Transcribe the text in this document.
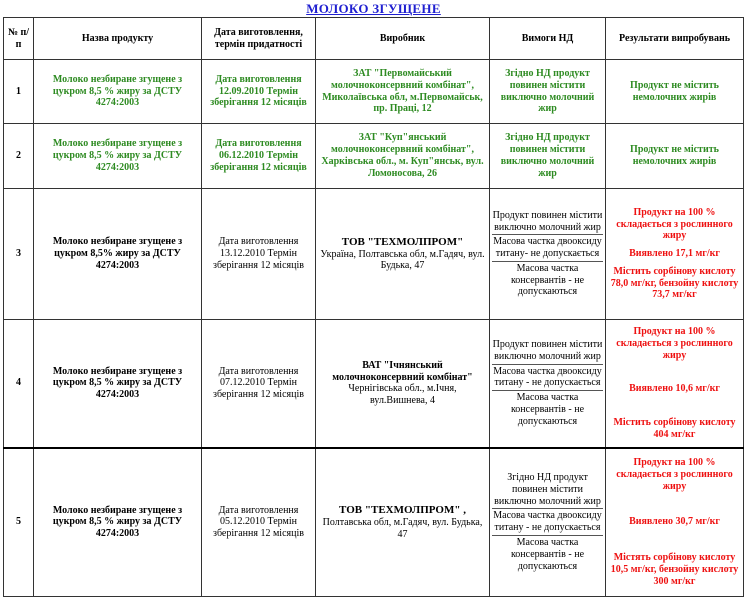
МОЛОКО ЗГУЩЕНЕ
№ п/п	Назва продукту	Дата виготовлення, термін придатності	Виробник	Вимоги НД	Результати випробувань
1	Молоко незбиране згущене з цукром 8,5 % жиру за ДСТУ 4274:2003	Дата виготовлення 12.09.2010 Термін зберігання 12 місяців	ЗАТ "Первомайський молочноконсервний комбінат", Миколаївська обл, м.Первомайськ, пр. Праці, 12	Згідно НД продукт повинен містити виключно молочний жир	Продукт не містить немолочних жирів
2	Молоко незбиране згущене з цукром 8,5 % жиру за ДСТУ 4274:2003	Дата виготовлення 06.12.2010 Термін зберігання 12 місяців	ЗАТ "Куп"янський молочноконсервний комбінат", Харківська обл., м. Куп"янськ, вул. Ломоносова, 26	Згідно НД продукт повинен містити виключно молочний жир	Продукт не містить немолочних жирів
3	Молоко незбиране згущене з цукром 8,5% жиру за ДСТУ 4274:2003	Дата виготовлення 13.12.2010 Термін зберігання 12 місяців	ТОВ "ТЕХМОЛПРОМ"
Україна, Полтавська обл, м.Гадяч, вул. Будька, 47	Продукт повинен містити виключно молочний жир
Масова частка двооксиду титану- не допускається
Масова частка консервантів - не допускаються	Продукт на 100 % складається з рослинного жиру
Виявлено 17,1 мг/кг
Містить сорбінову кислоту 78,0 мг/кг, бензойну кислоту 73,7 мг/кг

4	Молоко незбиране згущене з цукром 8,5 % жиру за ДСТУ 4274:2003	Дата виготовлення 07.12.2010 Термін зберігання 12 місяців	ВАТ "Ічнянський молочноконсервний комбінат" Чернігівська обл., м.Ічня, вул.Вишнева, 4	Продукт повинен містити виключно молочний жир
Масова частка двооксиду титану - не допускається
Масова частка консервантів - не допускаються	Продукт на 100 % складається з рослинного жиру
Виявлено 10,6 мг/кг
Містить сорбінову кислоту 404 мг/кг

5	Молоко незбиране згущене з цукром 8,5 % жиру за ДСТУ 4274:2003	Дата виготовлення 05.12.2010 Термін зберігання 12 місяців	ТОВ "ТЕХМОЛПРОМ" ,
Полтавська обл, м.Гадяч, вул. Будька, 47	Згідно НД продукт повинен містити виключно молочний жир
Масова частка двооксиду титану - не допускається
Масова частка консервантів - не допускаються	Продукт на 100 % складається з рослинного жиру
Виявлено 30,7 мг/кг
Містять сорбінову кислоту 10,5 мг/кг, бензойну кислоту 300 мг/кг
